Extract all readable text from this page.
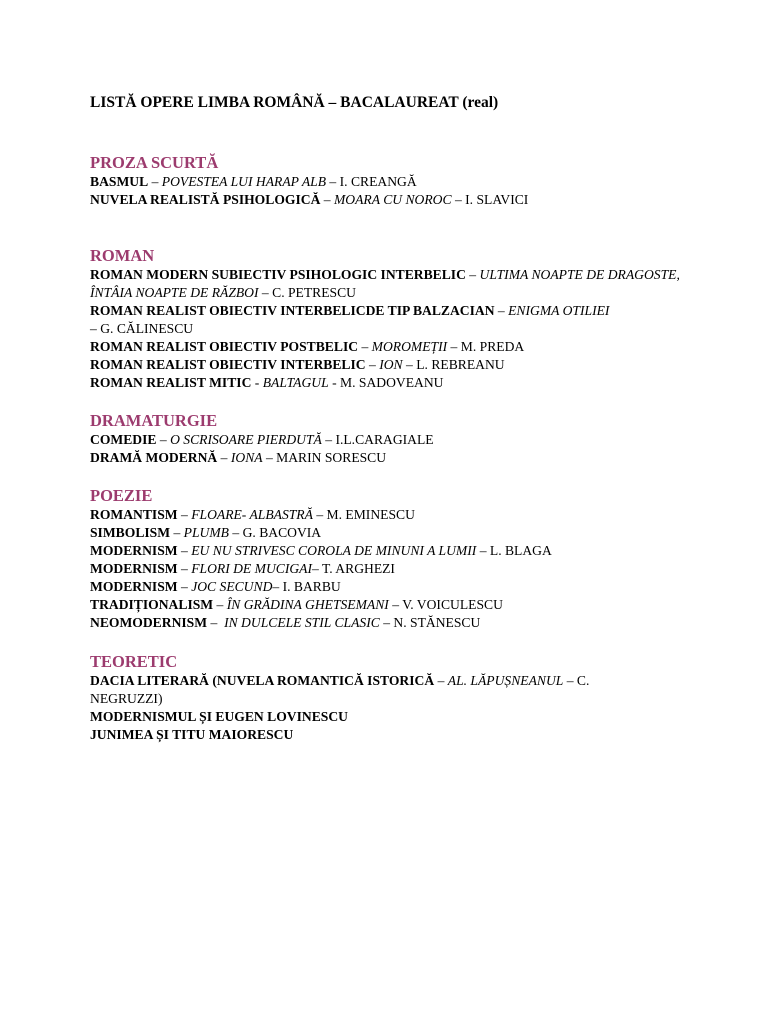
LISTĂ OPERE LIMBA ROMÂNĂ – BACALAUREAT (real)

PROZA SCURTĂ

BASMUL – POVESTEA LUI HARAP ALB – I. CREANGĂ

NUVELA REALISTĂ PSIHOLOGICĂ – MOARA CU NOROC – I. SLAVICI

ROMAN

ROMAN MODERN SUBIECTIV PSIHOLOGIC INTERBELIC – ULTIMA NOAPTE DE DRAGOSTE, ÎNTÂIA NOAPTE DE RĂZBOI – C. PETRESCU

ROMAN REALIST OBIECTIV INTERBELICDE TIP BALZACIAN – ENIGMA OTILIEI
– G. CĂLINESCU

ROMAN REALIST OBIECTIV POSTBELIC – MOROMEȚII – M. PREDA

ROMAN REALIST OBIECTIV INTERBELIC – ION – L. REBREANU

ROMAN REALIST MITIC - BALTAGUL - M. SADOVEANU

DRAMATURGIE

COMEDIE – O SCRISOARE PIERDUTĂ – I.L.CARAGIALE

DRAMĂ MODERNĂ – IONA – MARIN SORESCU

POEZIE

ROMANTISM – FLOARE- ALBASTRĂ – M. EMINESCU

SIMBOLISM – PLUMB – G. BACOVIA

MODERNISM – EU NU STRIVESC COROLA DE MINUNI A LUMII – L. BLAGA

MODERNISM – FLORI DE MUCIGAI– T. ARGHEZI

MODERNISM – JOC SECUND– I. BARBU

TRADIȚIONALISM – ÎN GRĂDINA GHETSEMANI – V. VOICULESCU

NEOMODERNISM –  IN DULCELE STIL CLASIC – N. STĂNESCU

TEORETIC

DACIA LITERARĂ (NUVELA ROMANTICĂ ISTORICĂ – AL. LĂPUȘNEANUL – C. NEGRUZZI)

MODERNISMUL ȘI EUGEN LOVINESCU

JUNIMEA ȘI TITU MAIORESCU
